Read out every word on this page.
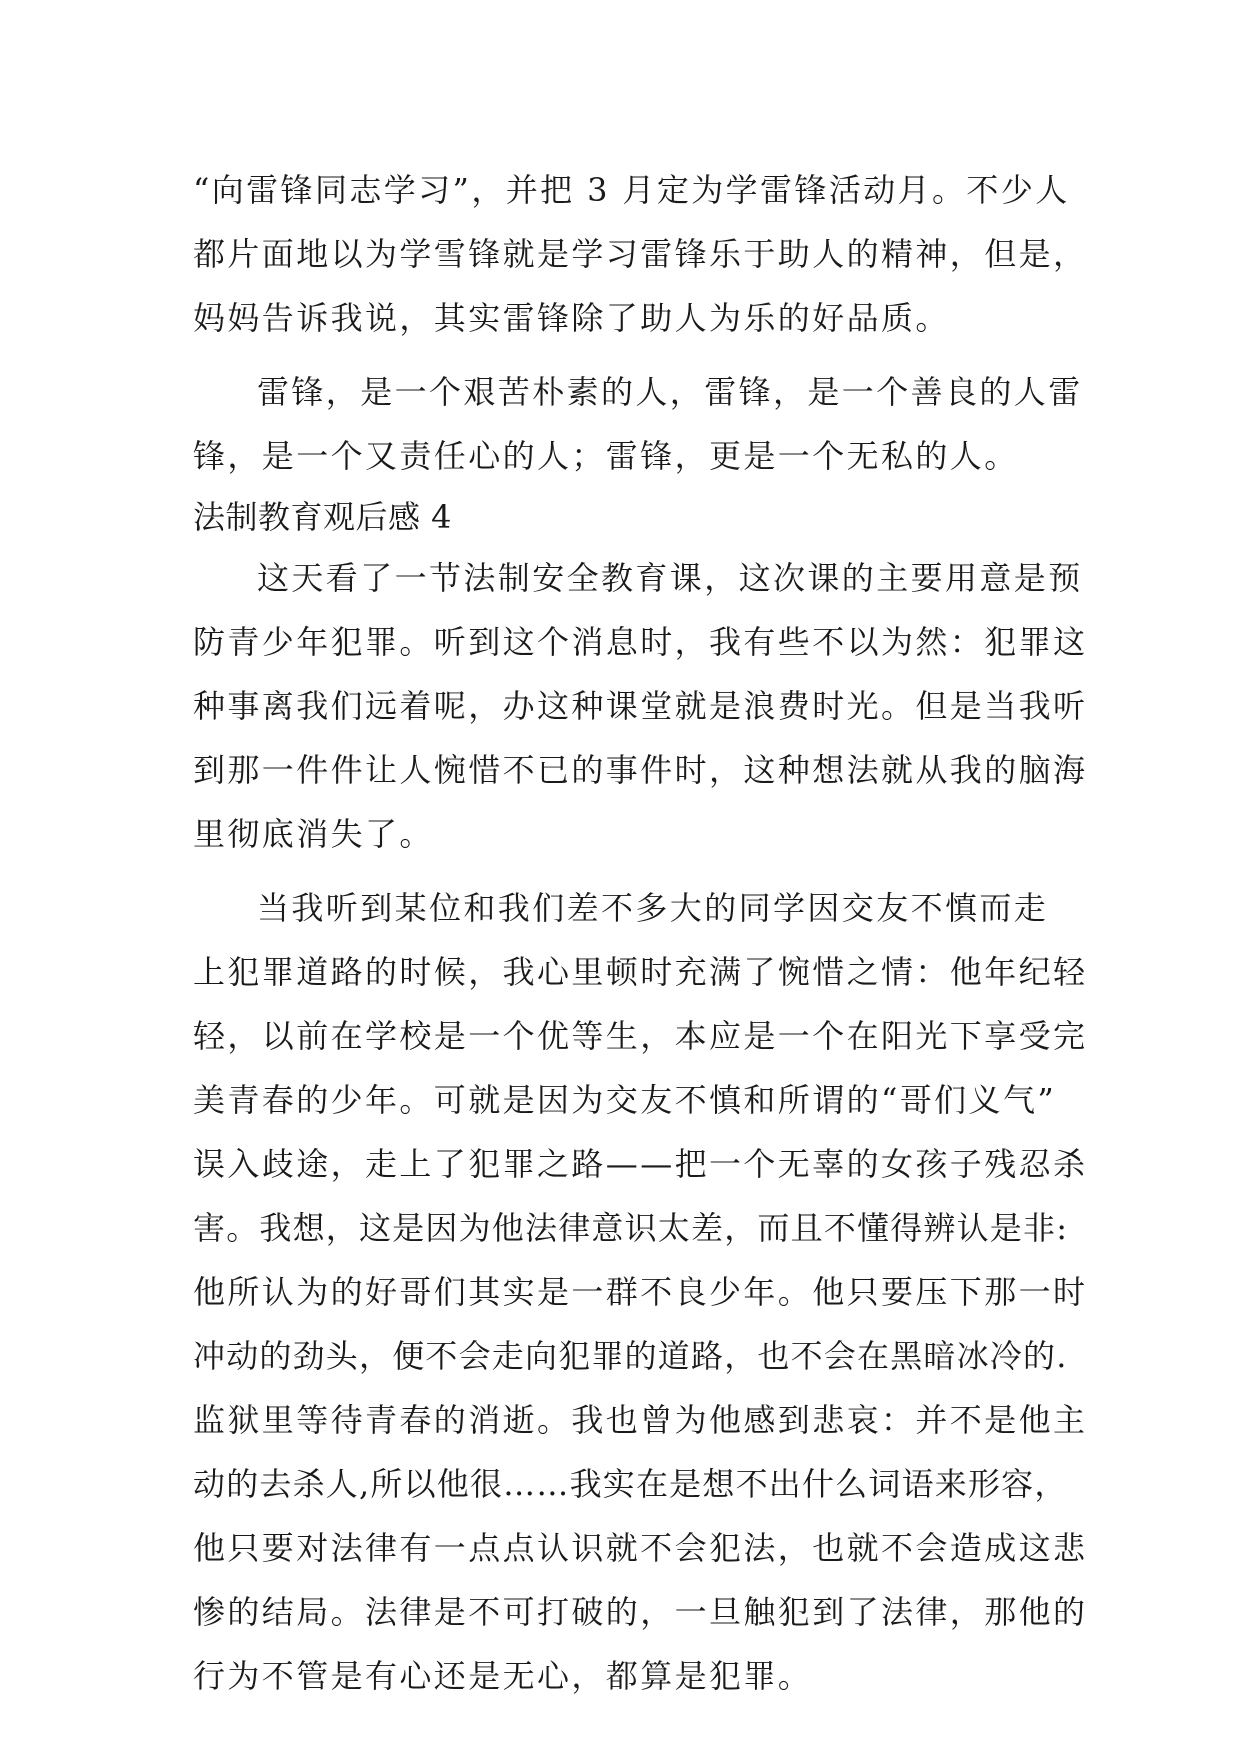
“向雷锋同志学习”，并把 3 月定为学雷锋活动月。不少人
都片面地以为学雪锋就是学习雷锋乐于助人的精神，但是，
妈妈告诉我说，其实雷锋除了助人为乐的好品质。
雷锋，是一个艰苦朴素的人，雷锋，是一个善良的人雷
锋，是一个又责任心的人；雷锋，更是一个无私的人。
法制教育观后感 4
这天看了一节法制安全教育课，这次课的主要用意是预
防青少年犯罪。听到这个消息时，我有些不以为然：犯罪这
种事离我们远着呢，办这种课堂就是浪费时光。但是当我听
到那一件件让人惋惜不已的事件时，这种想法就从我的脑海
里彻底消失了。
当我听到某位和我们差不多大的同学因交友不慎而走
上犯罪道路的时候，我心里顿时充满了惋惜之情：他年纪轻
轻，以前在学校是一个优等生，本应是一个在阳光下享受完
美青春的少年。可就是因为交友不慎和所谓的“哥们义气”
误入歧途，走上了犯罪之路——把一个无辜的女孩子残忍杀
害。我想，这是因为他法律意识太差，而且不懂得辨认是非:
他所认为的好哥们其实是一群不良少年。他只要压下那一时
冲动的劲头，便不会走向犯罪的道路，也不会在黑暗冰冷的.
监狱里等待青春的消逝。我也曾为他感到悲哀：并不是他主
动的去杀人,所以他很……我实在是想不出什么词语来形容，
他只要对法律有一点点认识就不会犯法，也就不会造成这悲
惨的结局。法律是不可打破的，一旦触犯到了法律，那他的
行为不管是有心还是无心，都算是犯罪。
